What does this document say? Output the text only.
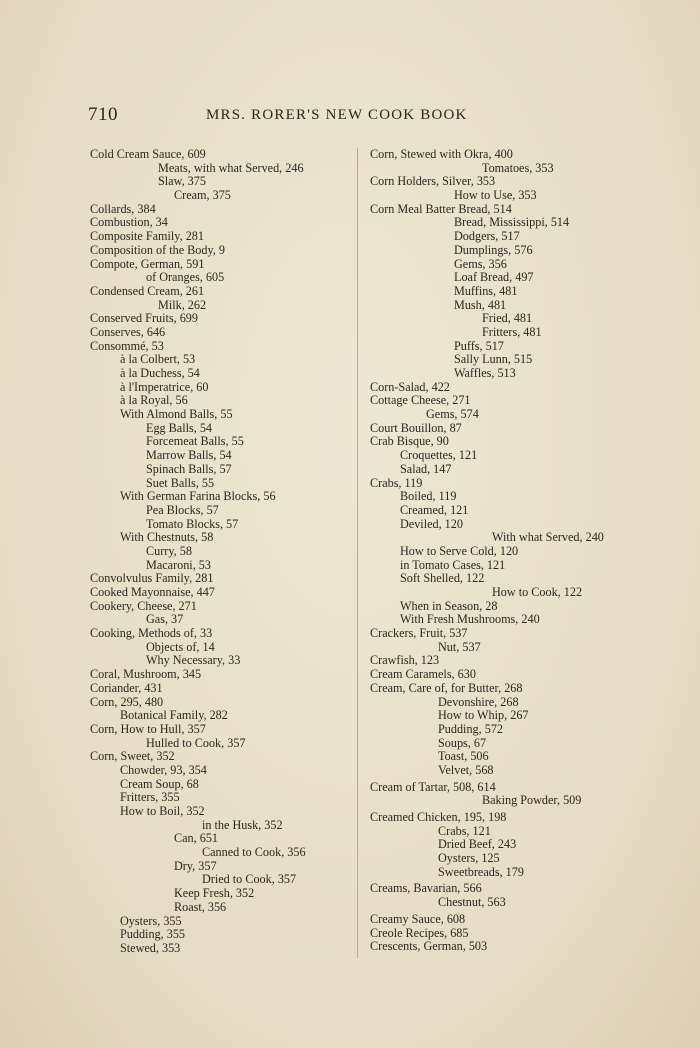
710	MRS. RORER'S NEW COOK BOOK
Cold Cream Sauce, 609
Meats, with what Served, 246
Slaw, 375
Cream, 375
Collards, 384
Combustion, 34
Composite Family, 281
Composition of the Body, 9
Compote, German, 591
of Oranges, 605
Condensed Cream, 261
Milk, 262
Conserved Fruits, 699
Conserves, 646
Consommé, 53
à la Colbert, 53
à la Duchess, 54
à l'Imperatrice, 60
à la Royal, 56
With Almond Balls, 55
Egg Balls, 54
Forcemeat Balls, 55
Marrow Balls, 54
Spinach Balls, 57
Suet Balls, 55
With German Farina Blocks, 56
Pea Blocks, 57
Tomato Blocks, 57
With Chestnuts, 58
Curry, 58
Macaroni, 53
Convolvulus Family, 281
Cooked Mayonnaise, 447
Cookery, Cheese, 271
Gas, 37
Cooking, Methods of, 33
Objects of, 14
Why Necessary, 33
Coral, Mushroom, 345
Coriander, 431
Corn, 295, 480
Botanical Family, 282
Corn, How to Hull, 357
Hulled to Cook, 357
Corn, Sweet, 352
Chowder, 93, 354
Cream Soup, 68
Fritters, 355
How to Boil, 352
in the Husk, 352
Can, 651
Canned to Cook, 356
Dry, 357
Dried to Cook, 357
Keep Fresh, 352
Roast, 356
Oysters, 355
Pudding, 355
Stewed, 353
Corn, Stewed with Okra, 400
Tomatoes, 353
Corn Holders, Silver, 353
How to Use, 353
Corn Meal Batter Bread, 514
Bread, Mississippi, 514
Dodgers, 517
Dumplings, 576
Gems, 356
Loaf Bread, 497
Muffins, 481
Mush, 481
Fried, 481
Fritters, 481
Puffs, 517
Sally Lunn, 515
Waffles, 513
Corn-Salad, 422
Cottage Cheese, 271
Gems, 574
Court Bouillon, 87
Crab Bisque, 90
Croquettes, 121
Salad, 147
Crabs, 119
Boiled, 119
Creamed, 121
Deviled, 120
With what Served, 240
How to Serve Cold, 120
in Tomato Cases, 121
Soft Shelled, 122
How to Cook, 122
When in Season, 28
With Fresh Mushrooms, 240
Crackers, Fruit, 537
Nut, 537
Crawfish, 123
Cream Caramels, 630
Cream, Care of, for Butter, 268
Devonshire, 268
How to Whip, 267
Pudding, 572
Soups, 67
Toast, 506
Velvet, 568
Cream of Tartar, 508, 614
Baking Powder, 509
Creamed Chicken, 195, 198
Crabs, 121
Dried Beef, 243
Oysters, 125
Sweetbreads, 179
Creams, Bavarian, 566
Chestnut, 563
Creamy Sauce, 608
Creole Recipes, 685
Crescents, German, 503
